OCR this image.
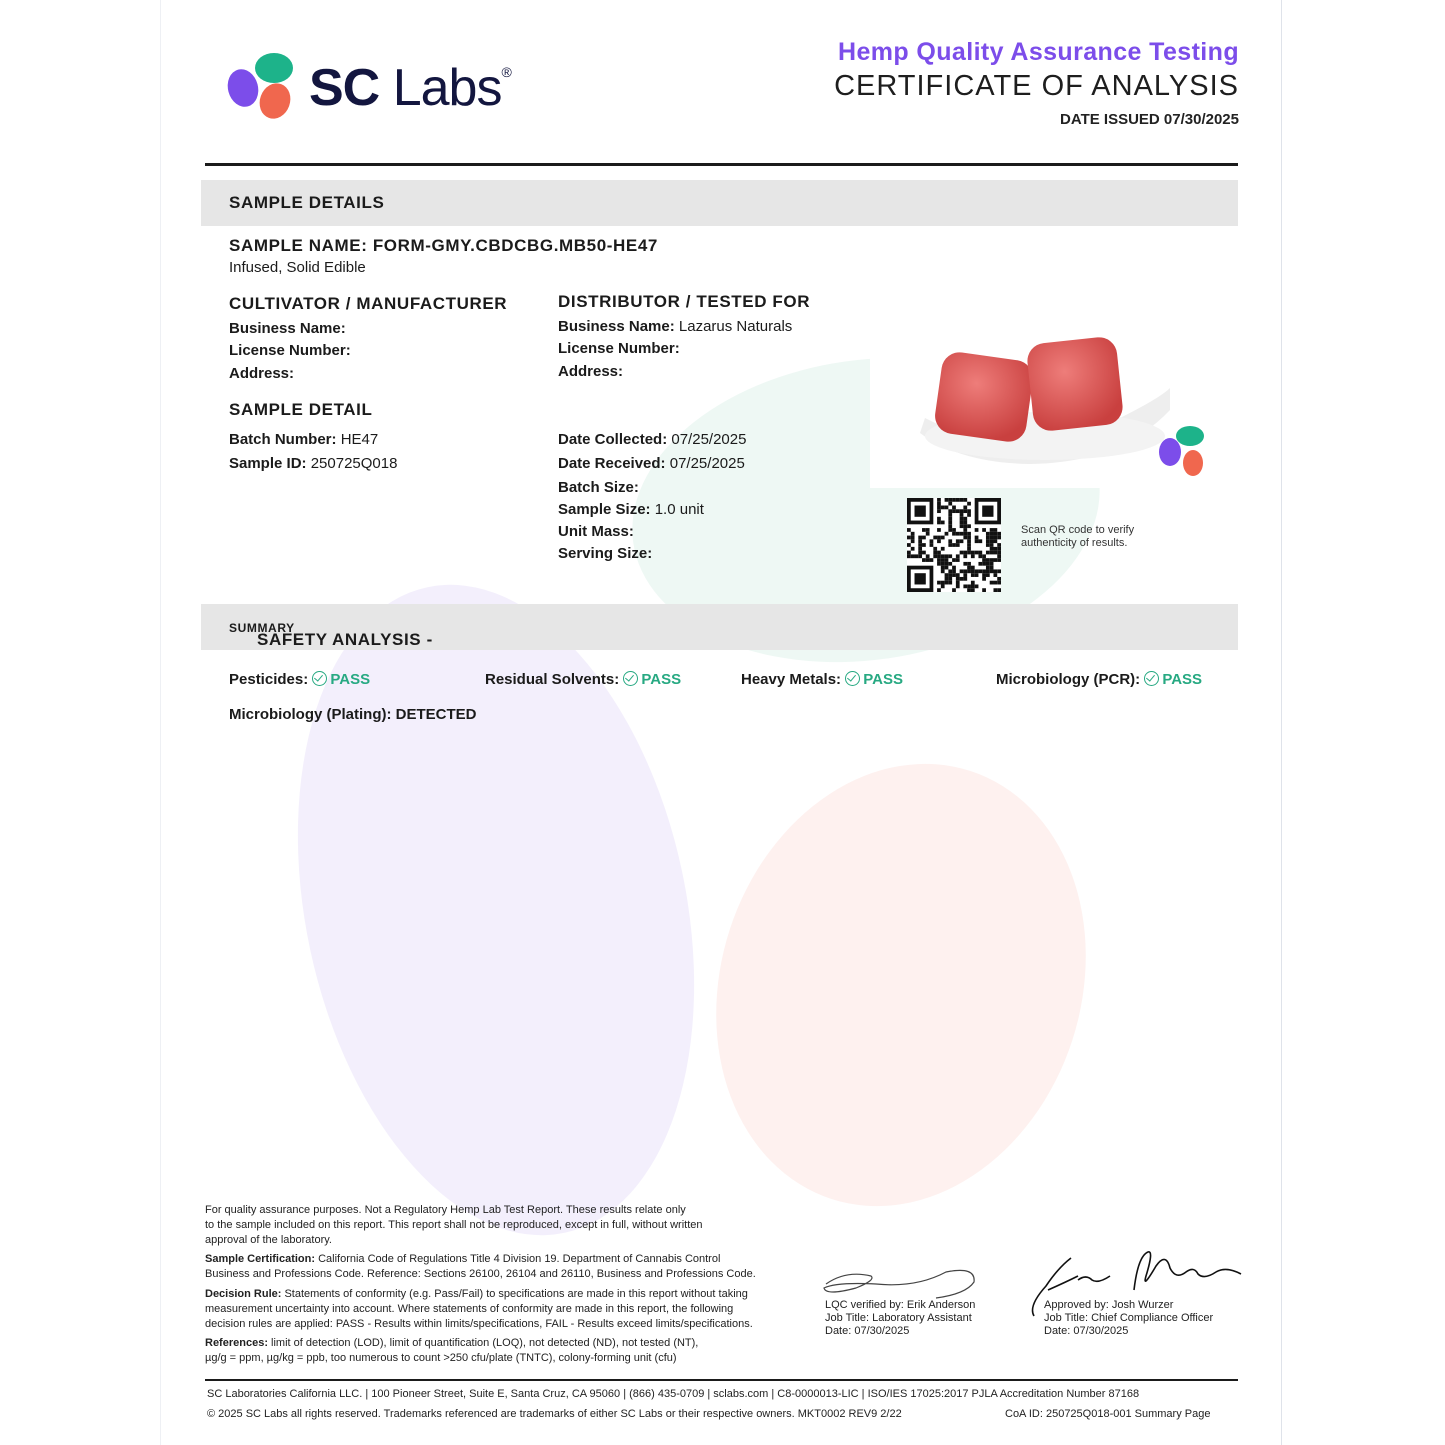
SC Labs®
Hemp Quality Assurance Testing
CERTIFICATE OF ANALYSIS
DATE ISSUED 07/30/2025
SAMPLE DETAILS
SAMPLE NAME: FORM-GMY.CBDCBG.MB50-HE47
Infused, Solid Edible
CULTIVATOR / MANUFACTURER
Business Name:
License Number:
Address:
DISTRIBUTOR / TESTED FOR
Business Name: Lazarus Naturals
License Number:
Address:
SAMPLE DETAIL
Batch Number: HE47
Sample ID: 250725Q018
Date Collected: 07/25/2025
Date Received: 07/25/2025
Batch Size:
Sample Size: 1.0 unit
Unit Mass:
Serving Size:
Scan QR code to verify
authenticity of results.
SAFETY ANALYSIS -
SUMMARY
Pesticides: PASS	Residual Solvents: PASS	Heavy Metals: PASS	Microbiology (PCR): PASS
Microbiology (Plating): DETECTED
For quality assurance purposes. Not a Regulatory Hemp Lab Test Report. These results relate only
to the sample included on this report. This report shall not be reproduced, except in full, without written
approval of the laboratory.
Sample Certification: California Code of Regulations Title 4 Division 19. Department of Cannabis Control
Business and Professions Code. Reference: Sections 26100, 26104 and 26110, Business and Professions Code.
Decision Rule: Statements of conformity (e.g. Pass/Fail) to specifications are made in this report without taking
measurement uncertainty into account. Where statements of conformity are made in this report, the following
decision rules are applied: PASS - Results within limits/specifications, FAIL - Results exceed limits/specifications.
References: limit of detection (LOD), limit of quantification (LOQ), not detected (ND), not tested (NT),
µg/g = ppm, µg/kg = ppb, too numerous to count >250 cfu/plate (TNTC), colony-forming unit (cfu)
LQC verified by: Erik Anderson
Job Title: Laboratory Assistant
Date: 07/30/2025
Approved by: Josh Wurzer
Job Title: Chief Compliance Officer
Date: 07/30/2025
SC Laboratories California LLC. | 100 Pioneer Street, Suite E, Santa Cruz, CA 95060 | (866) 435-0709 | sclabs.com | C8-0000013-LIC | ISO/IES 17025:2017 PJLA Accreditation Number 87168
© 2025 SC Labs all rights reserved. Trademarks referenced are trademarks of either SC Labs or their respective owners. MKT0002 REV9 2/22	CoA ID: 250725Q018-001 Summary Page
